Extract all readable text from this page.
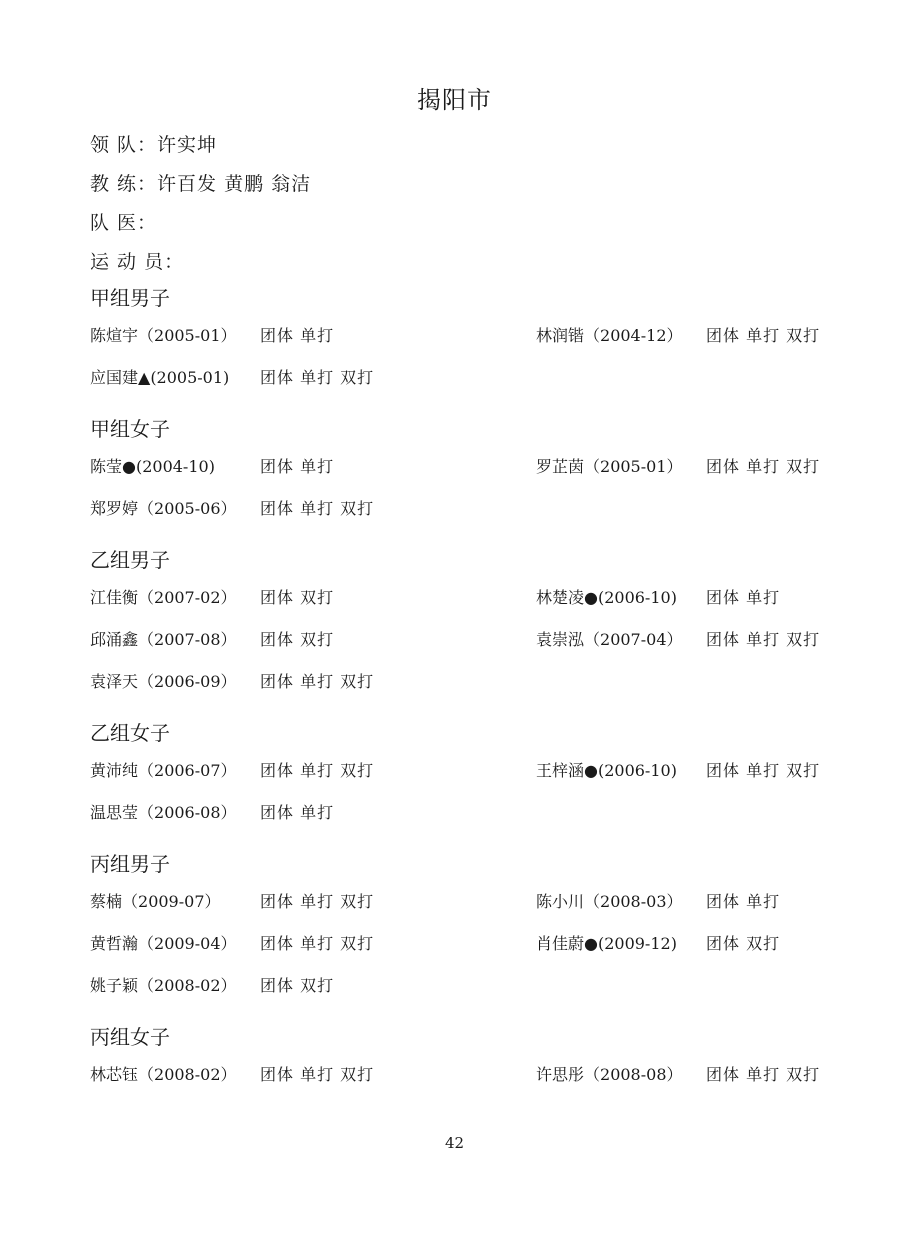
揭阳市
领 队：许实坤
教 练：许百发 黄鹏 翁洁
队 医：
运 动 员：
甲组男子
陈煊宇（2005-01） 团体 单打	林润锴（2004-12） 团体 单打 双打
应国建▲(2005-01) 团体 单打 双打
甲组女子
陈莹●(2004-10)	团体 单打	罗芷茵（2005-01） 团体 单打 双打
郑罗婷（2005-06） 团体 单打 双打
乙组男子
江佳衡（2007-02） 团体 双打	林楚凌●(2006-10) 团体 单打
邱涌鑫（2007-08） 团体 双打	袁崇泓（2007-04） 团体 单打 双打
袁泽天（2006-09） 团体 单打 双打
乙组女子
黄沛纯（2006-07） 团体 单打 双打	王梓涵●(2006-10) 团体 单打 双打
温思莹（2006-08） 团体 单打
丙组男子
蔡楠（2009-07） 团体 单打 双打	陈小川（2008-03） 团体 单打
黄哲瀚（2009-04） 团体 单打 双打	肖佳蔚●(2009-12) 团体 双打
姚子颖（2008-02） 团体 双打
丙组女子
林芯钰（2008-02） 团体 单打 双打	许思彤（2008-08） 团体 单打 双打
42
